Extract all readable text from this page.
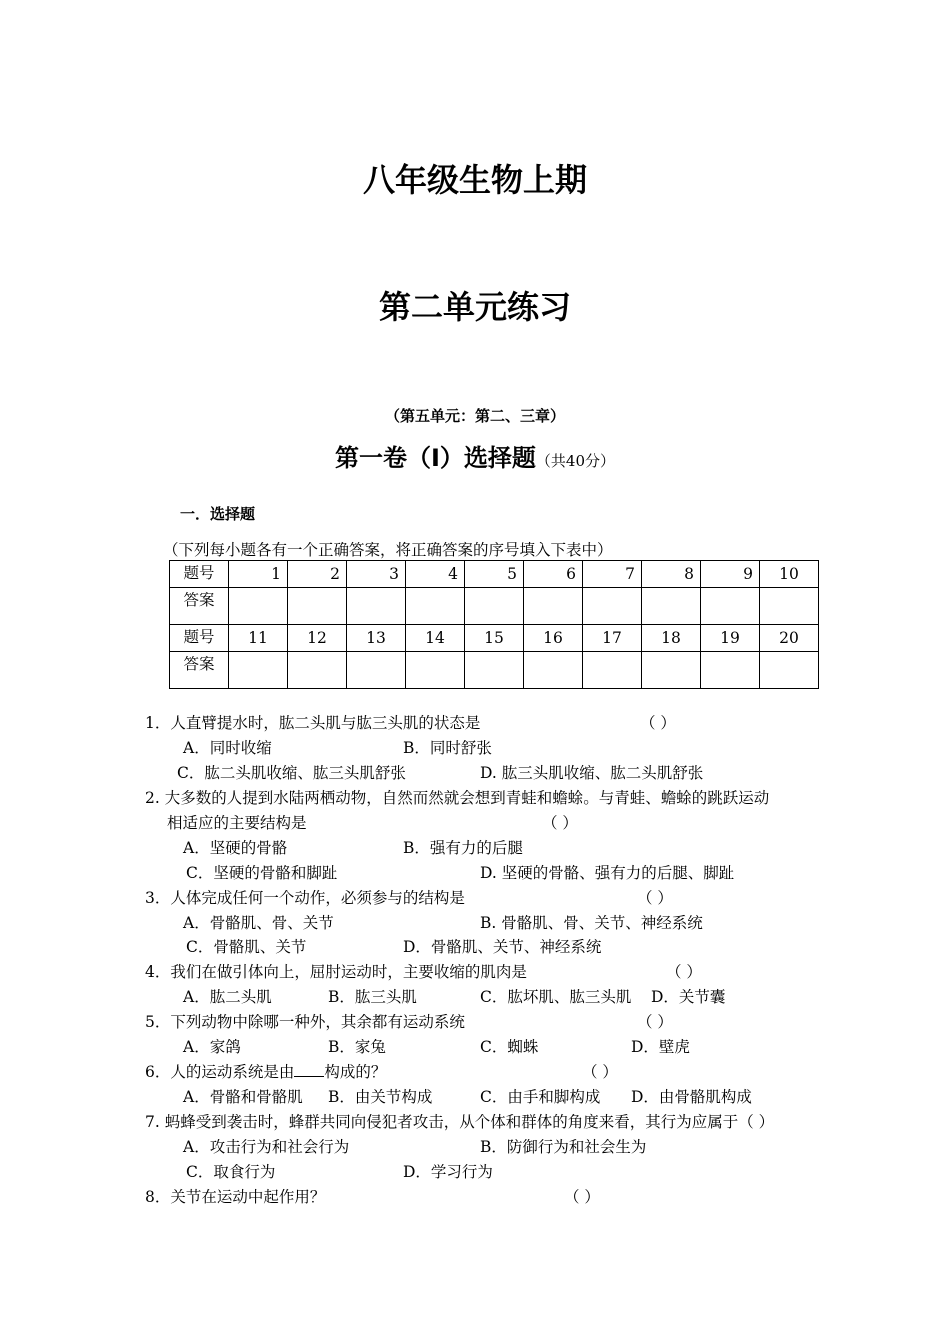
八年级生物上期
第二单元练习
（第五单元：第二、三章）
第一卷（Ⅰ）选择题（共40分）
一．选择题
（下列每小题各有一个正确答案，将正确答案的序号填入下表中）
题号	1	2	3	4	5	6	7	8	9	10
答案										
题号	11	12	13	14	15	16	17	18	19	20
答案										
1．人直臂提水时，肱二头肌与肱三头肌的状态是	（ ）
A．同时收缩	B．同时舒张
C．肱二头肌收缩、肱三头肌舒张	D. 肱三头肌收缩、肱二头肌舒张
2. 大多数的人提到水陆两栖动物，自然而然就会想到青蛙和蟾蜍。与青蛙、蟾蜍的跳跃运动
相适应的主要结构是	（ ）
A．坚硬的骨骼	B．强有力的后腿
C．坚硬的骨骼和脚趾	D. 坚硬的骨骼、强有力的后腿、脚趾
3．人体完成任何一个动作，必须参与的结构是	（ ）
A．骨骼肌、骨、关节	B. 骨骼肌、骨、关节、神经系统
C．骨骼肌、关节	D．骨骼肌、关节、神经系统
4．我们在做引体向上，屈肘运动时，主要收缩的肌肉是	（ ）
A．肱二头肌	B．肱三头肌	C．肱坏肌、肱三头肌 D．关节囊
5．下列动物中除哪一种外，其余都有运动系统	（ ）
A．家鸽	B．家兔	C．蜘蛛	D．壁虎
6．人的运动系统是由 构成的？	（ ）
A．骨骼和骨骼肌 B．由关节构成	C．由手和脚构成 D．由骨骼肌构成
7. 蚂蜂受到袭击时，蜂群共同向侵犯者攻击，从个体和群体的角度来看，其行为应属于（ ）
A．攻击行为和社会行为	B．防御行为和社会生为
C．取食行为	D．学习行为
8．关节在运动中起作用？	（ ）
